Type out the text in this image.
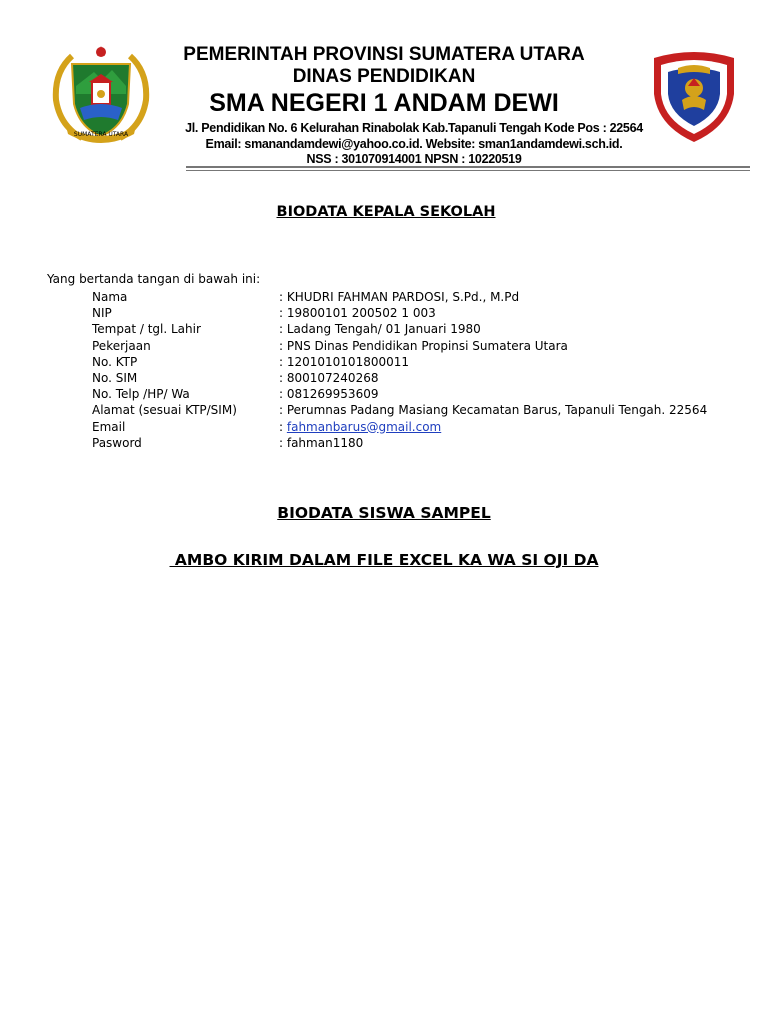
SUMATERA UTARA
PEMERINTAH PROVINSI SUMATERA UTARA
DINAS PENDIDIKAN
SMA NEGERI 1 ANDAM DEWI
Jl. Pendidikan No. 6 Kelurahan Rinabolak Kab.Tapanuli Tengah Kode Pos : 22564
Email: smanandamdewi@yahoo.co.id. Website: sman1andamdewi.sch.id.
NSS : 301070914001 NPSN : 10220519
BIODATA KEPALA SEKOLAH
Yang bertanda tangan di bawah ini:
Nama	: KHUDRI FAHMAN PARDOSI, S.Pd., M.Pd
NIP	: 19800101 200502 1 003
Tempat / tgl. Lahir	: Ladang Tengah/ 01 Januari 1980
Pekerjaan	: PNS Dinas Pendidikan Propinsi Sumatera Utara
No. KTP	: 1201010101800011
No. SIM	: 800107240268
No. Telp /HP/ Wa	: 081269953609
Alamat (sesuai KTP/SIM)	: Perumnas Padang Masiang Kecamatan Barus, Tapanuli Tengah. 22564
Email	: fahmanbarus@gmail.com
Pasword	: fahman1180
BIODATA SISWA SAMPEL
AMBO KIRIM DALAM FILE EXCEL KA WA SI OJI DA
